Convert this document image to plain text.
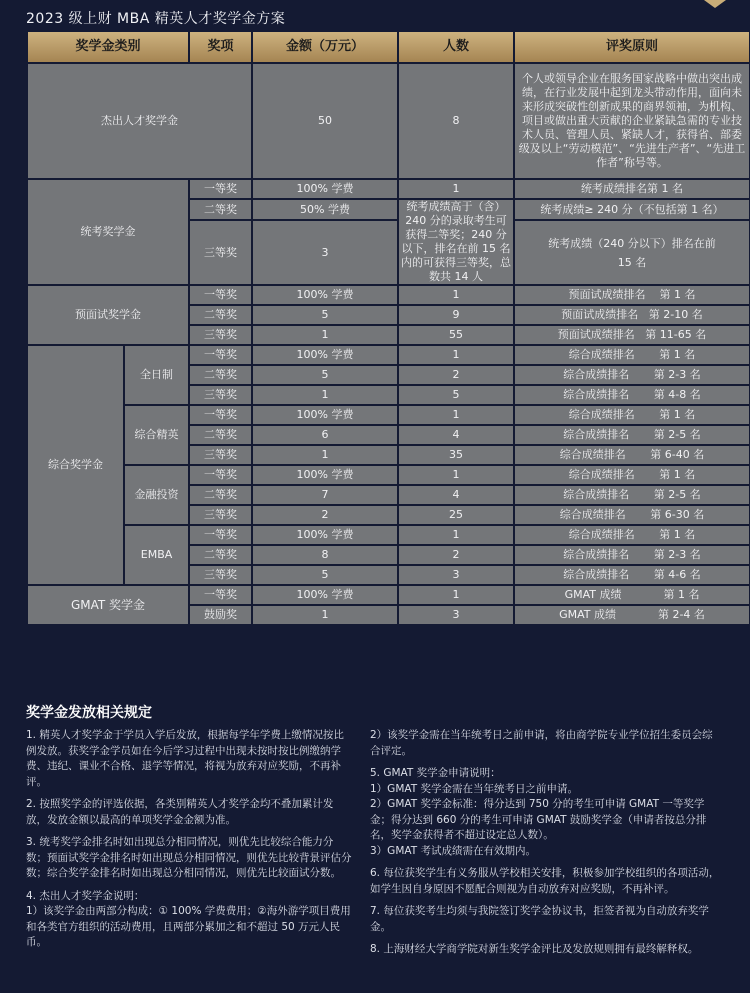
2023 级上财 MBA 精英人才奖学金方案
奖学金类别		奖项	金额（万元）	人数	评奖原则
杰出人才奖学金			50	8	个人或领导企业在服务国家战略中做出突出成绩，在行业发展中起到龙头带动作用，面向未来形成突破性创新成果的商界领袖，为机构、项目或做出重大贡献的企业紧缺急需的专业技术人员、管理人员、紧缺人才，获得省、部委级及以上“劳动模范”、“先进生产者”、“先进工作者”称号等。
统考奖学金		一等奖	100% 学费	1	统考成绩排名第 1 名
		二等奖	50% 学费	统考成绩高于（含）240 分的录取考生可获得二等奖；240 分以下，排名在前 15 名内的可获得三等奖，总数共 14 人	统考成绩≥ 240 分（不包括第 1 名）
		三等奖	3		统考成绩（240 分以下）排名在前 15 名
预面试奖学金		一等奖	100% 学费	1	预面试成绩排名 第 1 名
		二等奖	5	9	预面试成绩排名 第 2-10 名
		三等奖	1	55	预面试成绩排名 第 11-65 名
综合奖学金	全日制	一等奖	100% 学费	1	综合成绩排名 第 1 名
		二等奖	5	2	综合成绩排名 第 2-3 名
		三等奖	1	5	综合成绩排名 第 4-8 名
	综合精英	一等奖	100% 学费	1	综合成绩排名 第 1 名
		二等奖	6	4	综合成绩排名 第 2-5 名
		三等奖	1	35	综合成绩排名 第 6-40 名
	金融投资	一等奖	100% 学费	1	综合成绩排名 第 1 名
		二等奖	7	4	综合成绩排名 第 2-5 名
		三等奖	2	25	综合成绩排名 第 6-30 名
	EMBA	一等奖	100% 学费	1	综合成绩排名 第 1 名
		二等奖	8	2	综合成绩排名 第 2-3 名
		三等奖	5	3	综合成绩排名 第 4-6 名
GMAT 奖学金		一等奖	100% 学费	1	GMAT 成绩 第 1 名
		鼓励奖	1	3	GMAT 成绩 第 2-4 名
奖学金发放相关规定

1. 精英人才奖学金于学员入学后发放，根据每学年学费上缴情况按比例发放。获奖学金学员如在今后学习过程中出现未按时按比例缴纳学费、违纪、课业不合格、退学等情况，将视为放弃对应奖励，不再补评。

2. 按照奖学金的评选依据，各类别精英人才奖学金均不叠加累计发放，发放金额以最高的单项奖学金金额为准。

3. 统考奖学金排名时如出现总分相同情况，则优先比较综合能力分数；预面试奖学金排名时如出现总分相同情况，则优先比较背景评估分数；综合奖学金排名时如出现总分相同情况，则优先比较面试分数。

4. 杰出人才奖学金说明：

1）该奖学金由两部分构成：① 100% 学费费用；②海外游学项目费用和各类官方组织的活动费用，且两部分累加之和不超过 50 万元人民币。

2）该奖学金需在当年统考日之前申请，将由商学院专业学位招生委员会综合评定。

5. GMAT 奖学金申请说明：

1）GMAT 奖学金需在当年统考日之前申请。

2）GMAT 奖学金标准：得分达到 750 分的考生可申请 GMAT 一等奖学金；得分达到 660 分的考生可申请 GMAT 鼓励奖学金（申请者按总分排名，奖学金获得者不超过设定总人数）。

3）GMAT 考试成绩需在有效期内。

6. 每位获奖学生有义务服从学校相关安排，积极参加学校组织的各项活动，如学生因自身原因不愿配合则视为自动放弃对应奖励，不再补评。

7. 每位获奖考生均须与我院签订奖学金协议书，拒签者视为自动放弃奖学金。

8. 上海财经大学商学院对新生奖学金评比及发放规则拥有最终解释权。
